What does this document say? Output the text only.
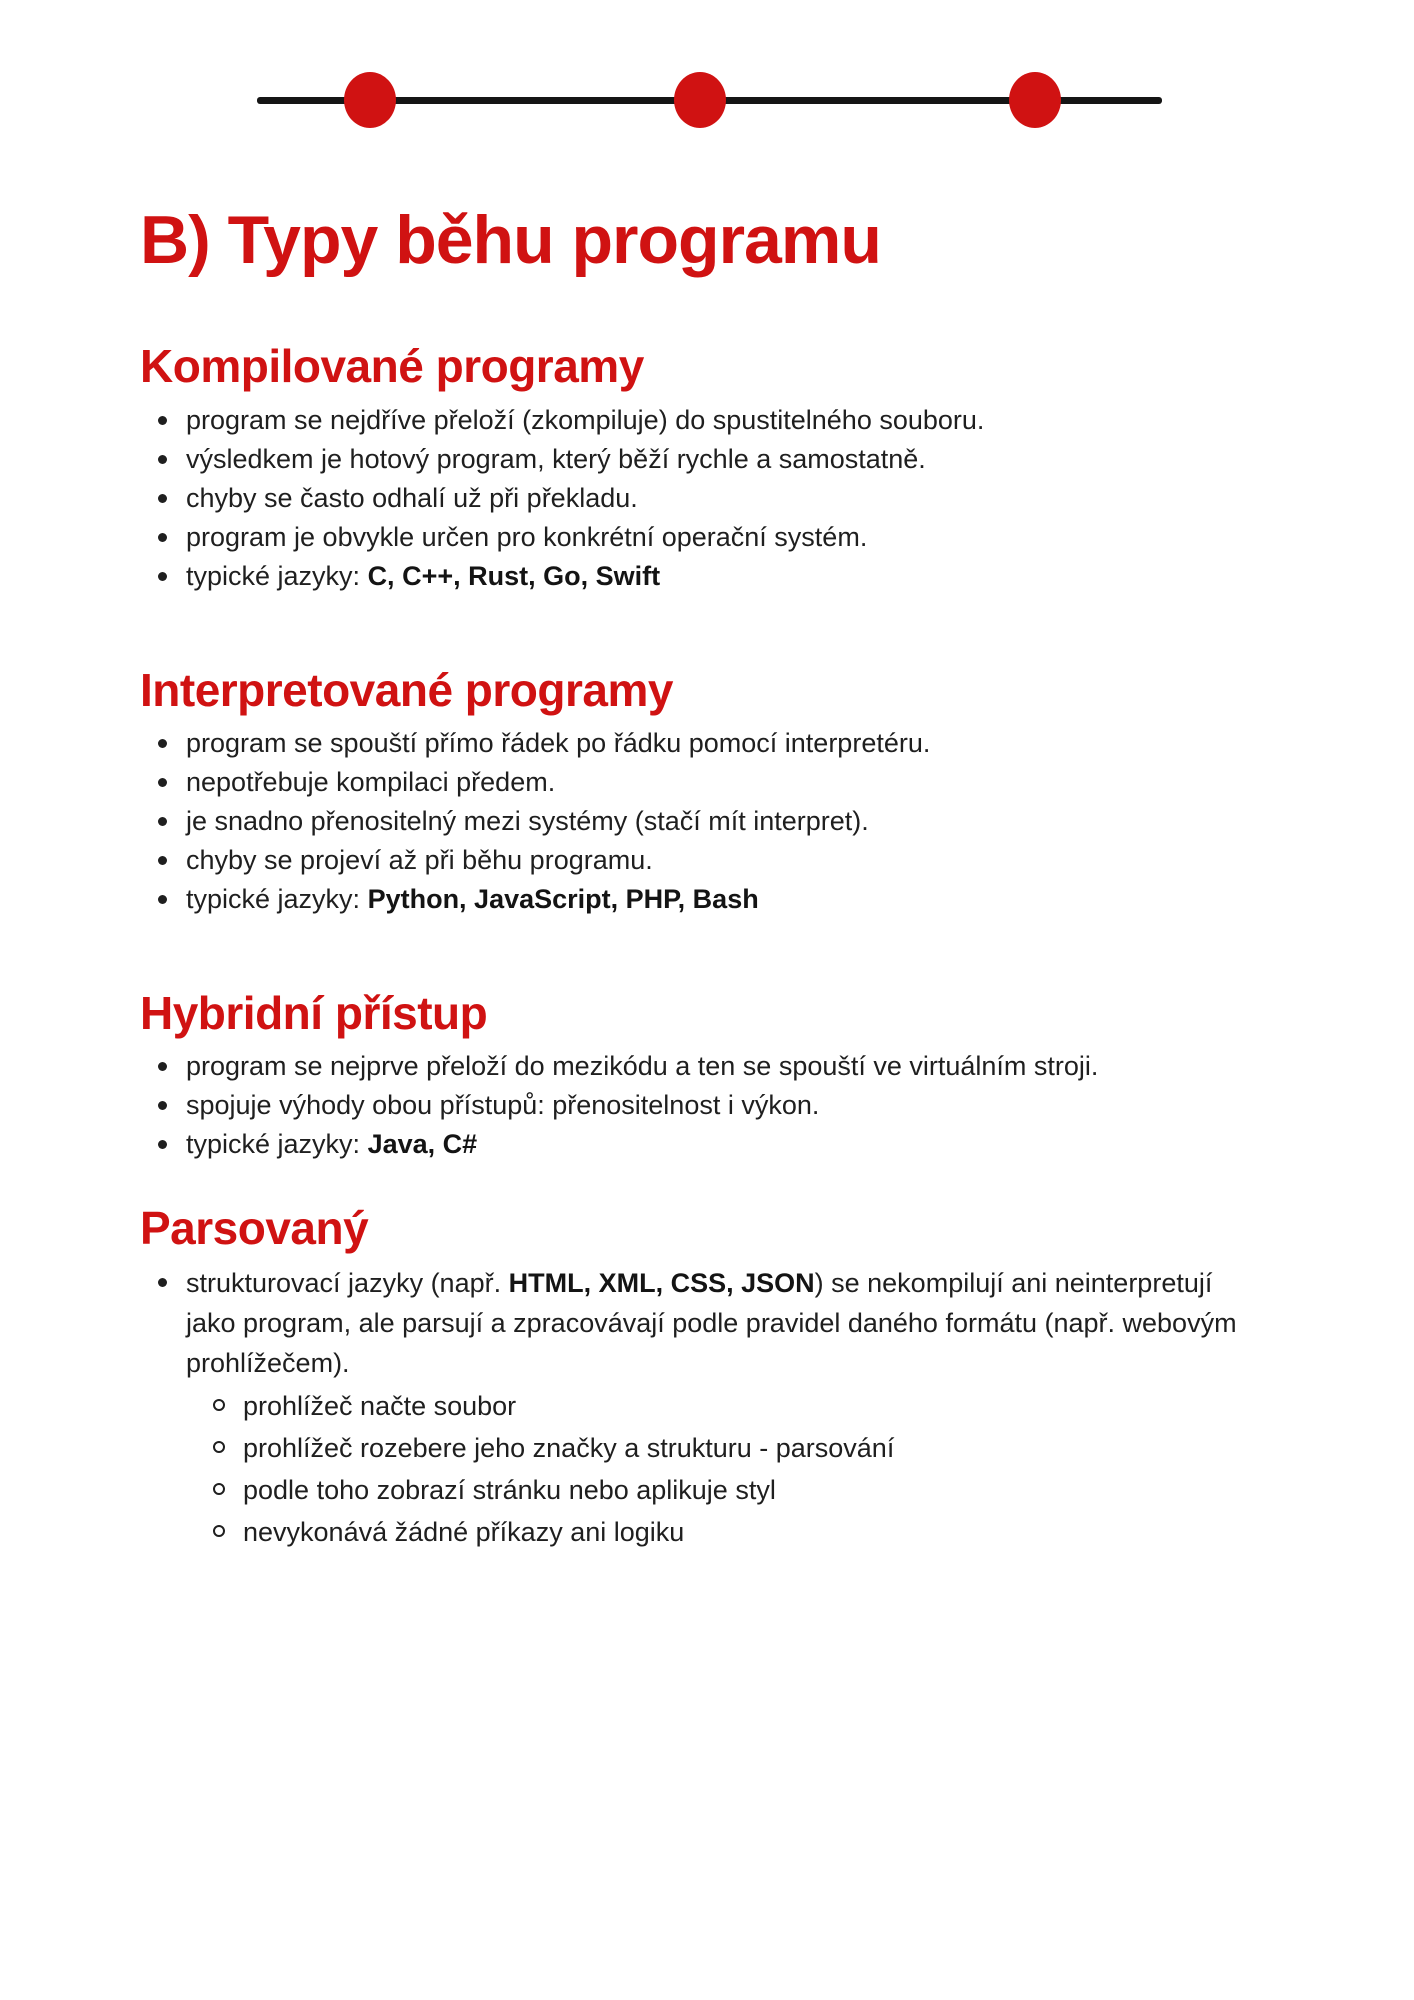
B) Typy běhu programu
Kompilované programy
program se nejdříve přeloží (zkompiluje) do spustitelného souboru.
výsledkem je hotový program, který běží rychle a samostatně.
chyby se často odhalí už při překladu.
program je obvykle určen pro konkrétní operační systém.
typické jazyky: C, C++, Rust, Go, Swift
Interpretované programy
program se spouští přímo řádek po řádku pomocí interpretéru.
nepotřebuje kompilaci předem.
je snadno přenositelný mezi systémy (stačí mít interpret).
chyby se projeví až při běhu programu.
typické jazyky: Python, JavaScript, PHP, Bash
Hybridní přístup
program se nejprve přeloží do mezikódu a ten se spouští ve virtuálním stroji.
spojuje výhody obou přístupů: přenositelnost i výkon.
typické jazyky: Java, C#
Parsovaný
strukturovací jazyky (např. HTML, XML, CSS, JSON) se nekompilují ani neinterpretují jako program, ale parsují a zpracovávají podle pravidel daného formátu (např. webovým prohlížečem).
prohlížeč načte soubor
prohlížeč rozebere jeho značky a strukturu - parsování
podle toho zobrazí stránku nebo aplikuje styl
nevykonává žádné příkazy ani logiku
